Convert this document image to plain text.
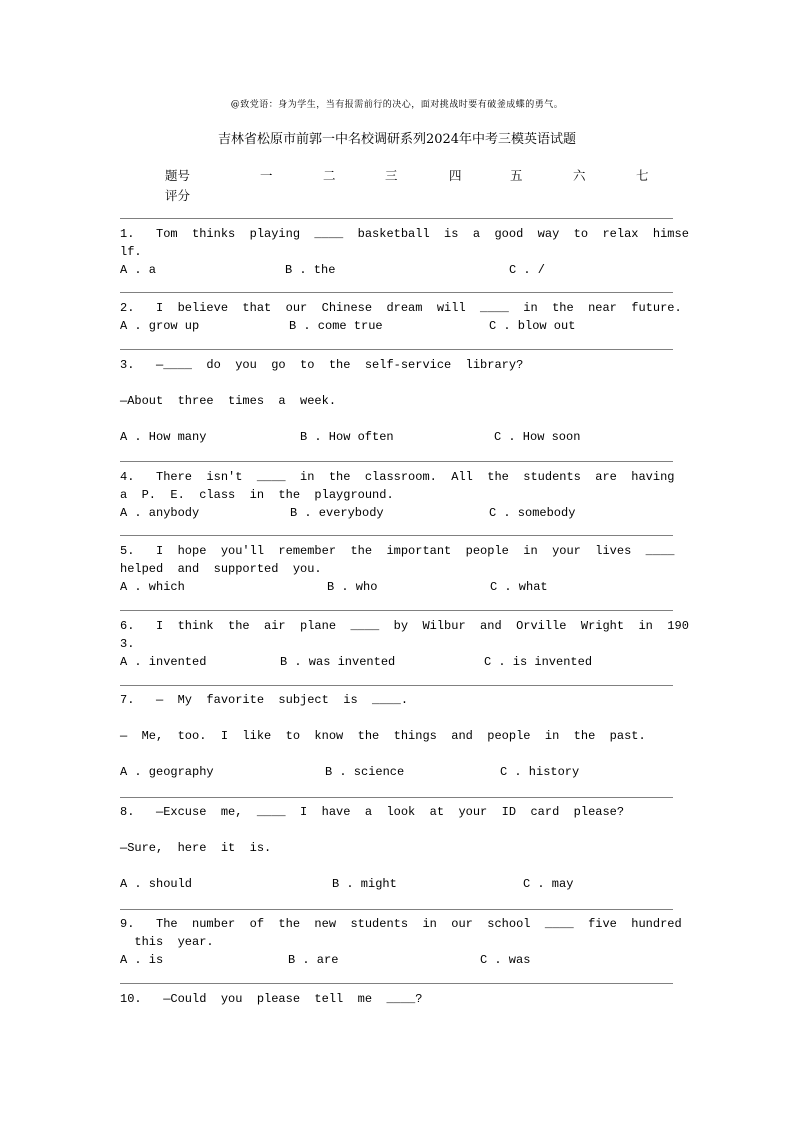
@致党语：身为学生，当有报需前行的决心，面对挑战时要有破釜成蝶的勇气。
吉林省松原市前郭一中名校调研系列2024年中考三模英语试题
题号	一	二	三	四	五	六	七
评分
1.   Tom  thinks  playing  ____  basketball  is  a  good  way  to  relax  himse
lf.
A . a	B . the	C . /
2.   I  believe  that  our  Chinese  dream  will  ____  in  the  near  future.
A . grow up	B . come true	C . blow out
3.   —____  do  you  go  to  the  self-service  library?
—About  three  times  a  week.
A . How many	B . How often	C . How soon
4.   There  isn't  ____  in  the  classroom.  All  the  students  are  having
a  P.  E.  class  in  the  playground.
A . anybody	B . everybody	C . somebody
5.   I  hope  you'll  remember  the  important  people  in  your  lives  ____
helped  and  supported  you.
A . which	B . who	C . what
6.   I  think  the  air  plane  ____  by  Wilbur  and  Orville  Wright  in  190
3.
A . invented	B . was invented	C . is invented
7.   —  My  favorite  subject  is  ____.
—  Me,  too.  I  like  to  know  the  things  and  people  in  the  past.
A . geography	B . science	C . history
8.   —Excuse  me,  ____  I  have  a  look  at  your  ID  card  please?
—Sure,  here  it  is.
A . should	B . might	C . may
9.   The  number  of  the  new  students  in  our  school  ____  five  hundred
this  year.
A . is	B . are	C . was
10.   —Could  you  please  tell  me  ____?
